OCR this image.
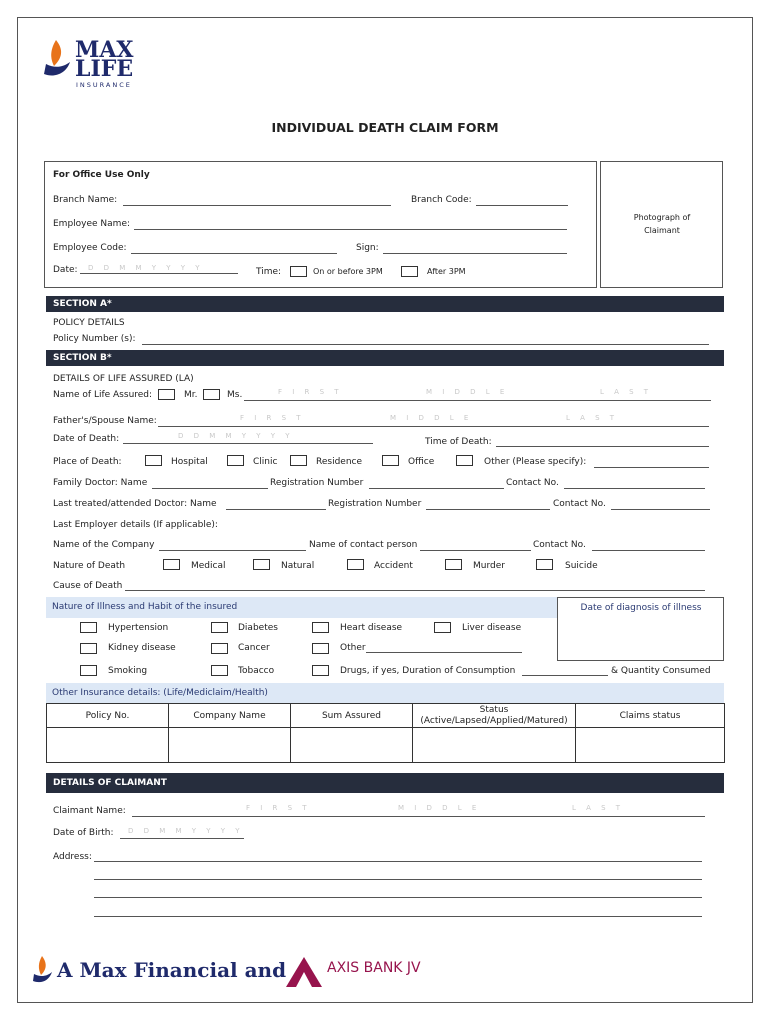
MAX
LIFE
INSURANCE
INDIVIDUAL DEATH CLAIM FORM
For Office Use Only
Branch Name:	Branch Code:
Employee Name:
Employee Code:	Sign:
Date: D D M M Y Y Y Y	Time:	On or before 3PM	After 3PM
Photograph of Claimant
SECTION A*
POLICY DETAILS
Policy Number (s):
SECTION B*
DETAILS OF LIFE ASSURED (LA)
Name of Life Assured:	Mr.	Ms.	F I R S T	M I D D L E	L A S T
Father's/Spouse Name:	F I R S T	M I D D L E	L A S T
Date of Death:	D D M M Y Y Y Y
Time of Death:
Place of Death:	Hospital	Clinic	Residence	Office	Other (Please specify):
Family Doctor: Name	Registration Number	Contact No.
Last treated/attended Doctor: Name	Registration Number	Contact No.
Last Employer details (If applicable):
Name of the Company	Name of contact person	Contact No.
Nature of Death	Medical	Natural	Accident	Murder	Suicide
Cause of Death
Nature of Illness and Habit of the insured	Date of diagnosis of illness
Hypertension	Diabetes	Heart disease	Liver disease
Kidney disease	Cancer	Other
Smoking	Tobacco	Drugs, if yes, Duration of Consumption	& Quantity Consumed
Other Insurance details: (Life/Mediclaim/Health)
Policy No.	Company Name	Sum Assured	Status (Active/Lapsed/Applied/Matured)	Claims status

DETAILS OF CLAIMANT
Claimant Name:	F I R S T	M I D D L E	L A S T
Date of Birth: D D M M Y Y Y Y
Address:
A Max Financial and	AXIS BANK JV
